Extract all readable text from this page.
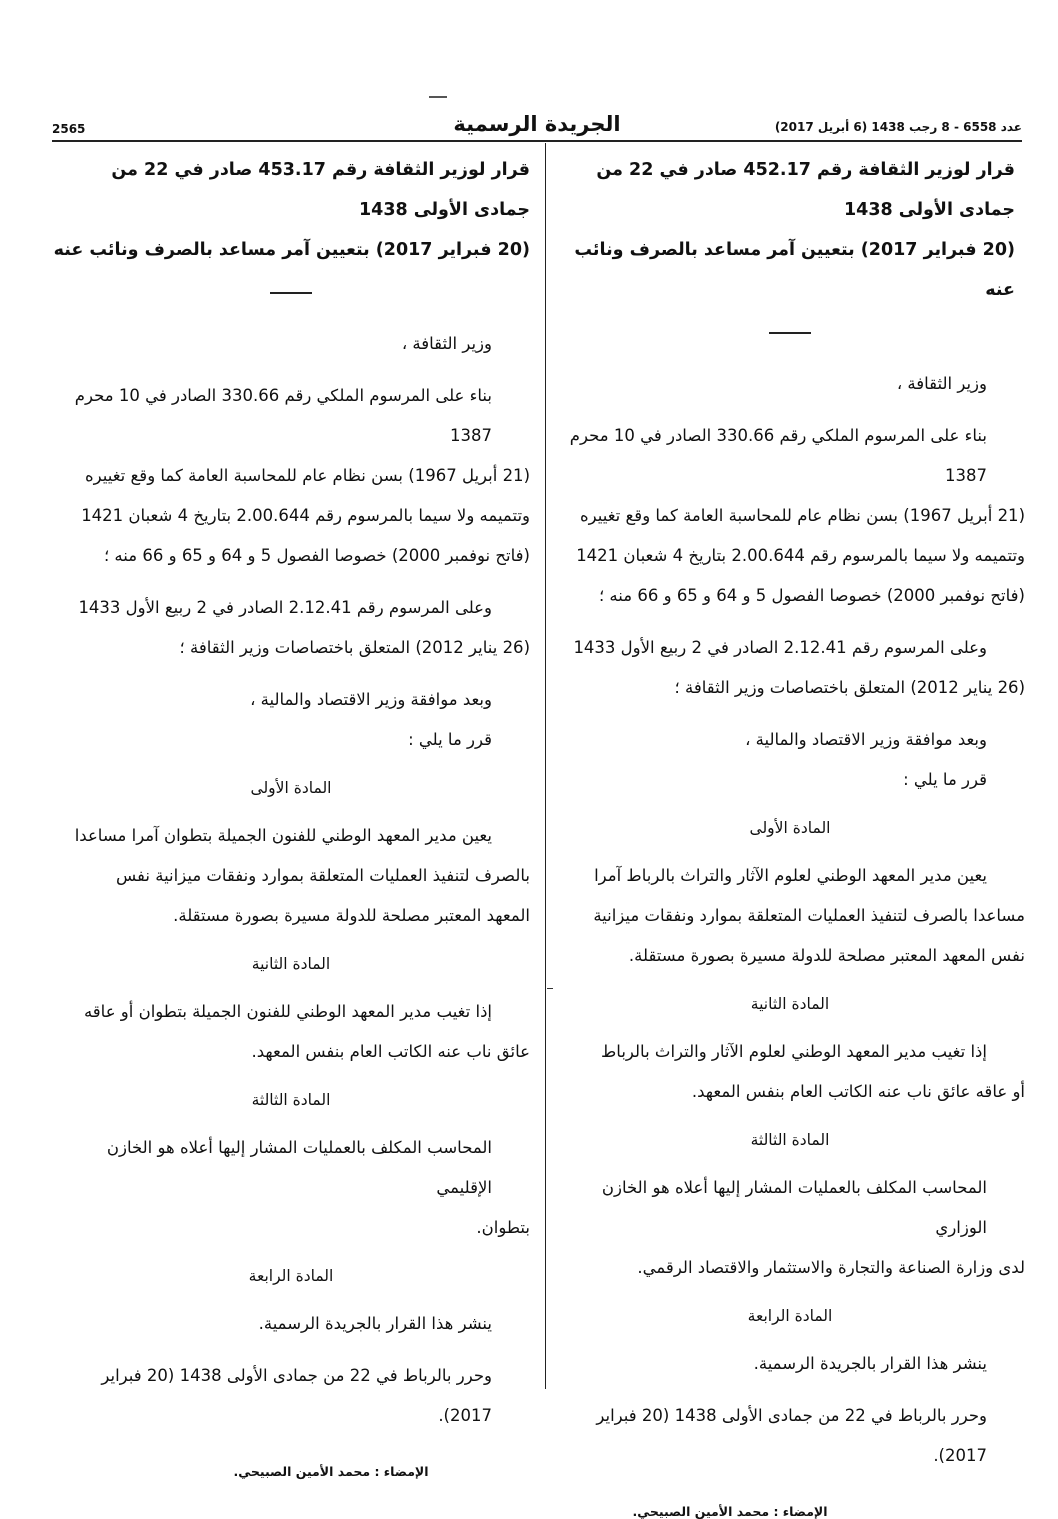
2565	الجريدة الرسمية	عدد 6558 - 8 رجب 1438 (6 أبريل 2017)

قرار لوزير الثقافة رقم 452.17 صادر في 22 من جمادى الأولى 1438

(20 فبراير 2017) بتعيين آمر مساعد بالصرف ونائب عنه

وزير الثقافة ،

بناء على المرسوم الملكي رقم 330.66 الصادر في 10 محرم 1387

(21 أبريل 1967) بسن نظام عام للمحاسبة العامة كما وقع تغييره

وتتميمه ولا سيما بالمرسوم رقم 2.00.644 بتاريخ 4 شعبان 1421

(فاتح نوفمبر 2000) خصوصا الفصول 5 و 64 و 65 و 66 منه ؛

وعلى المرسوم رقم 2.12.41 الصادر في 2 ربيع الأول 1433

(26 يناير 2012) المتعلق باختصاصات وزير الثقافة ؛

وبعد موافقة وزير الاقتصاد والمالية ،

قرر ما يلي :

المادة الأولى

يعين مدير المعهد الوطني لعلوم الآثار والتراث بالرباط آمرا

مساعدا بالصرف لتنفيذ العمليات المتعلقة بموارد ونفقات ميزانية

نفس المعهد المعتبر مصلحة للدولة مسيرة بصورة مستقلة.

المادة الثانية

إذا تغيب مدير المعهد الوطني لعلوم الآثار والتراث بالرباط

أو عاقه عائق ناب عنه الكاتب العام بنفس المعهد.

المادة الثالثة

المحاسب المكلف بالعمليات المشار إليها أعلاه هو الخازن الوزاري

لدى وزارة الصناعة والتجارة والاستثمار والاقتصاد الرقمي.

المادة الرابعة

ينشر هذا القرار بالجريدة الرسمية.

وحرر بالرباط في 22 من جمادى الأولى 1438 (20 فبراير 2017).

الإمضاء : محمد الأمين الصبيحي.

قرار لوزير الثقافة رقم 453.17 صادر في 22 من جمادى الأولى 1438

(20 فبراير 2017) بتعيين آمر مساعد بالصرف ونائب عنه

وزير الثقافة ،

بناء على المرسوم الملكي رقم 330.66 الصادر في 10 محرم 1387

(21 أبريل 1967) بسن نظام عام للمحاسبة العامة كما وقع تغييره

وتتميمه ولا سيما بالمرسوم رقم 2.00.644 بتاريخ 4 شعبان 1421

(فاتح نوفمبر 2000) خصوصا الفصول 5 و 64 و 65 و 66 منه ؛

وعلى المرسوم رقم 2.12.41 الصادر في 2 ربيع الأول 1433

(26 يناير 2012) المتعلق باختصاصات وزير الثقافة ؛

وبعد موافقة وزير الاقتصاد والمالية ،

قرر ما يلي :

المادة الأولى

يعين مدير المعهد الوطني للفنون الجميلة بتطوان آمرا مساعدا

بالصرف لتنفيذ العمليات المتعلقة بموارد ونفقات ميزانية نفس

المعهد المعتبر مصلحة للدولة مسيرة بصورة مستقلة.

المادة الثانية

إذا تغيب مدير المعهد الوطني للفنون الجميلة بتطوان أو عاقه

عائق ناب عنه الكاتب العام بنفس المعهد.

المادة الثالثة

المحاسب المكلف بالعمليات المشار إليها أعلاه هو الخازن الإقليمي

بتطوان.

المادة الرابعة

ينشر هذا القرار بالجريدة الرسمية.

وحرر بالرباط في 22 من جمادى الأولى 1438 (20 فبراير 2017).

الإمضاء : محمد الأمين الصبيحي.
